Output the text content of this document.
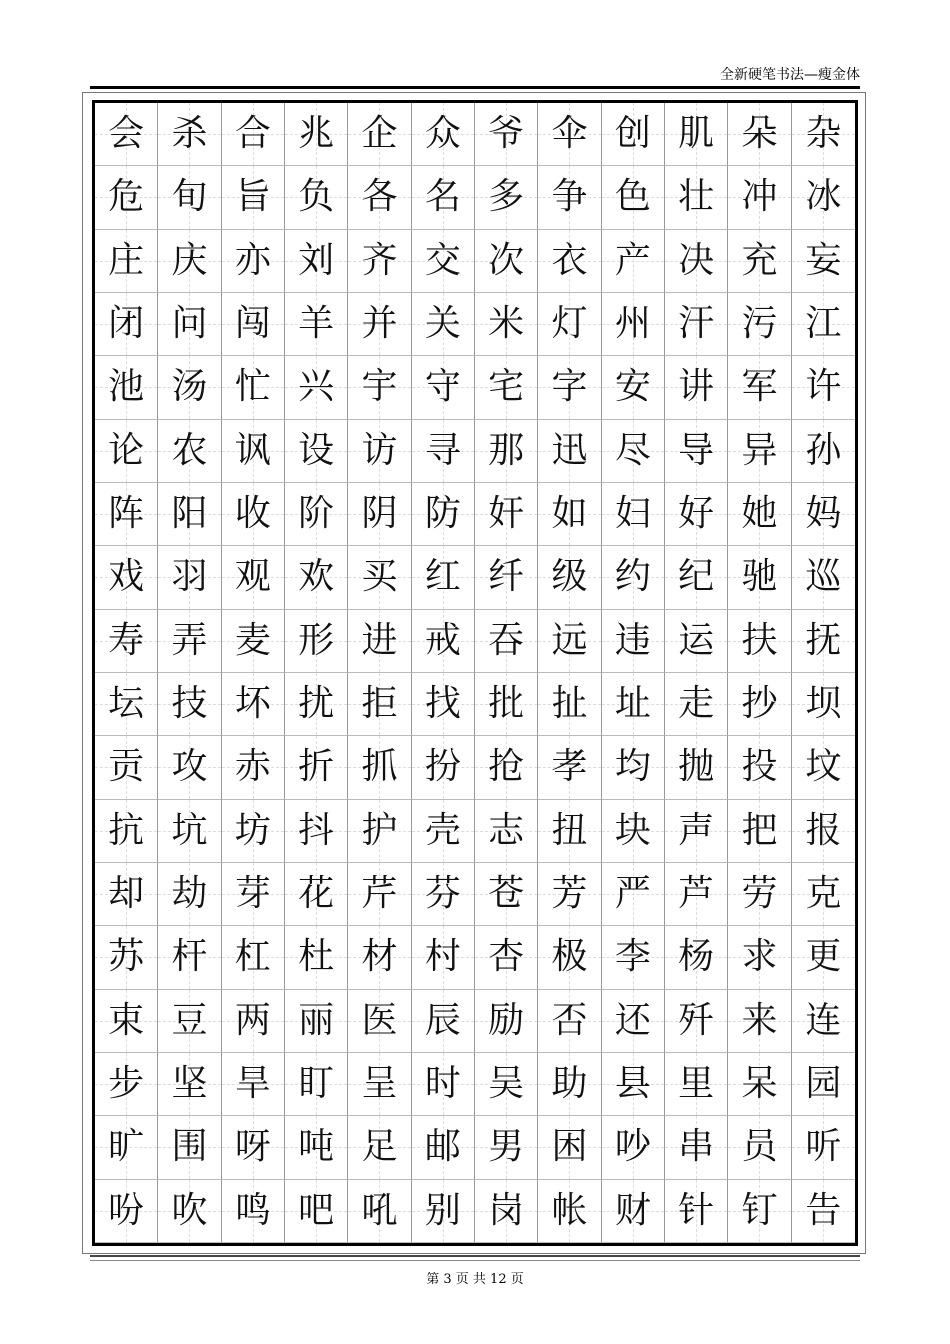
全新硬笔书法—瘦金体
会 杀 合 兆 企 众 爷 伞 创 肌 朵 杂
危 旬 旨 负 各 名 多 争 色 壮 冲 冰
庄 庆 亦 刘 齐 交 次 衣 产 决 充 妄
闭 问 闯 羊 并 关 米 灯 州 汗 污 江
池 汤 忙 兴 宇 守 宅 字 安 讲 军 许
论 农 讽 设 访 寻 那 迅 尽 导 异 孙
阵 阳 收 阶 阴 防 奸 如 妇 好 她 妈
戏 羽 观 欢 买 红 纤 级 约 纪 驰 巡
寿 弄 麦 形 进 戒 吞 远 违 运 扶 抚
坛 技 坏 扰 拒 找 批 扯 址 走 抄 坝
贡 攻 赤 折 抓 扮 抢 孝 均 抛 投 坟
抗 坑 坊 抖 护 壳 志 扭 块 声 把 报
却 劫 芽 花 芹 芬 苍 芳 严 芦 劳 克
苏 杆 杠 杜 材 村 杏 极 李 杨 求 更
束 豆 两 丽 医 辰 励 否 还 歼 来 连
步 坚 旱 盯 呈 时 吴 助 县 里 呆 园
旷 围 呀 吨 足 邮 男 困 吵 串 员 听
吩 吹 鸣 吧 吼 别 岗 帐 财 针 钉 告
第 3 页 共 12 页
